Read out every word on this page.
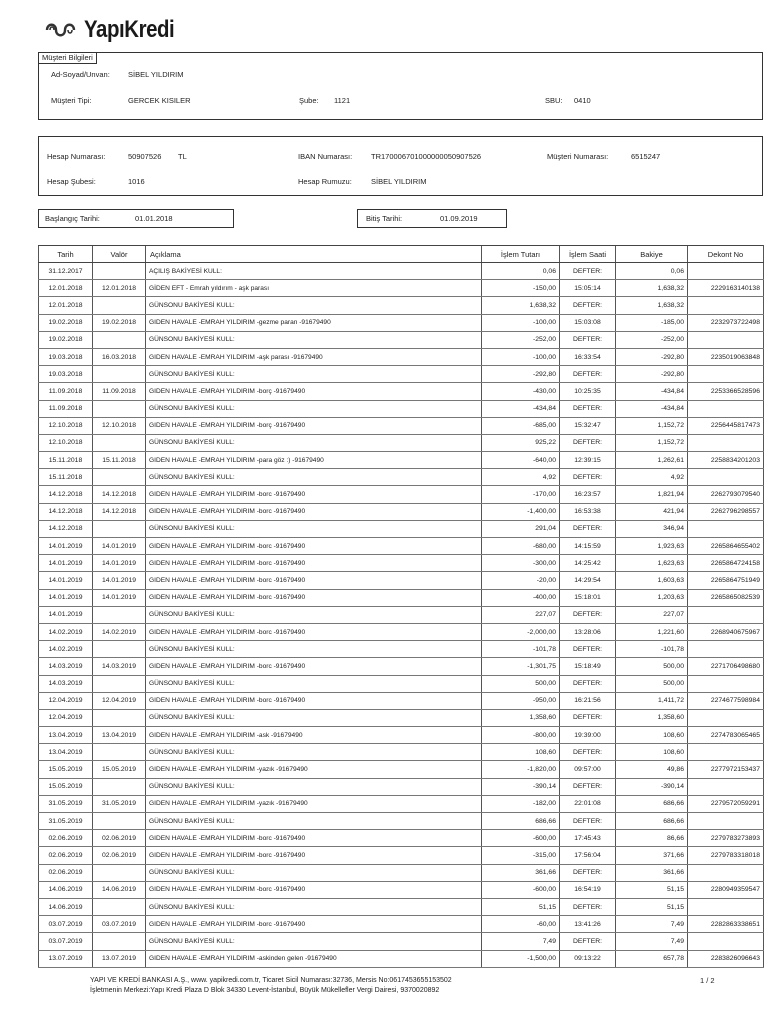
YapıKredi
Müşteri Bilgileri
Ad-Soyad/Unvan: SİBEL YILDIRIM
Müşteri Tipi:	GERCEK KISILER	Şube: 1121	SBU: 0410
Hesap Numarası:	50907526 TL	IBAN Numarası:	TR170006701000000050907526	Müşteri Numarası:	6515247
Hesap Şubesi:	1016	Hesap Rumuzu:	SİBEL YILDIRIM
Başlangıç Tarihi:	01.01.2018	Bitiş Tarihi:	01.09.2019
Tarih	Valör	Açıklama	İşlem Tutarı	İşlem Saati	Bakiye	Dekont No
31.12.2017		AÇILIŞ BAKİYESİ KULL:	0,06	DEFTER:	0,06	
12.01.2018	12.01.2018	GİDEN EFT - Emrah yıldırım - aşk parası	-150,00	15:05:14	1,638,32	2229163140138
12.01.2018		GÜNSONU BAKİYESİ KULL:	1,638,32	DEFTER:	1,638,32	
19.02.2018	19.02.2018	GIDEN HAVALE -EMRAH YILDIRIM -gezme paran -91679490	-100,00	15:03:08	-185,00	2232973722498
19.02.2018		GÜNSONU BAKİYESİ KULL:	-252,00	DEFTER:	-252,00	
19.03.2018	16.03.2018	GIDEN HAVALE -EMRAH YILDIRIM -aşk parası -91679490	-100,00	16:33:54	-292,80	2235019063848
19.03.2018		GÜNSONU BAKİYESİ KULL:	-292,80	DEFTER:	-292,80	
11.09.2018	11.09.2018	GIDEN HAVALE -EMRAH YILDIRIM -borç -91679490	-430,00	10:25:35	-434,84	2253366528596
11.09.2018		GÜNSONU BAKİYESİ KULL:	-434,84	DEFTER:	-434,84	
12.10.2018	12.10.2018	GIDEN HAVALE -EMRAH YILDIRIM -borç -91679490	-685,00	15:32:47	1,152,72	2256445817473
12.10.2018		GÜNSONU BAKİYESİ KULL:	925,22	DEFTER:	1,152,72	
15.11.2018	15.11.2018	GIDEN HAVALE -EMRAH YILDIRIM -para göz :) -91679490	-640,00	12:39:15	1,262,61	2258834201203
15.11.2018		GÜNSONU BAKİYESİ KULL:	4,92	DEFTER:	4,92	
14.12.2018	14.12.2018	GIDEN HAVALE -EMRAH YILDIRIM -borc -91679490	-170,00	16:23:57	1,821,94	2262793079540
14.12.2018	14.12.2018	GIDEN HAVALE -EMRAH YILDIRIM -borc -91679490	-1,400,00	16:53:38	421,94	2262796298557
14.12.2018		GÜNSONU BAKİYESİ KULL:	291,04	DEFTER:	346,94	
14.01.2019	14.01.2019	GIDEN HAVALE -EMRAH YILDIRIM -borc -91679490	-680,00	14:15:59	1,923,63	2265864655402
14.01.2019	14.01.2019	GIDEN HAVALE -EMRAH YILDIRIM -borc -91679490	-300,00	14:25:42	1,623,63	2265864724158
14.01.2019	14.01.2019	GIDEN HAVALE -EMRAH YILDIRIM -borc -91679490	-20,00	14:29:54	1,603,63	2265864751949
14.01.2019	14.01.2019	GIDEN HAVALE -EMRAH YILDIRIM -borc -91679490	-400,00	15:18:01	1,203,63	2265865082539
14.01.2019		GÜNSONU BAKİYESİ KULL:	227,07	DEFTER:	227,07	
14.02.2019	14.02.2019	GIDEN HAVALE -EMRAH YILDIRIM -borc -91679490	-2,000,00	13:28:06	1,221,60	2268940675967
14.02.2019		GÜNSONU BAKİYESİ KULL:	-101,78	DEFTER:	-101,78	
14.03.2019	14.03.2019	GIDEN HAVALE -EMRAH YILDIRIM -borc -91679490	-1,301,75	15:18:49	500,00	2271706498680
14.03.2019		GÜNSONU BAKİYESİ KULL:	500,00	DEFTER:	500,00	
12.04.2019	12.04.2019	GIDEN HAVALE -EMRAH YILDIRIM -borc -91679490	-950,00	16:21:56	1,411,72	2274677598984
12.04.2019		GÜNSONU BAKİYESİ KULL:	1,358,60	DEFTER:	1,358,60	
13.04.2019	13.04.2019	GIDEN HAVALE -EMRAH YILDIRIM -ask -91679490	-800,00	19:39:00	108,60	2274783065465
13.04.2019		GÜNSONU BAKİYESİ KULL:	108,60	DEFTER:	108,60	
15.05.2019	15.05.2019	GIDEN HAVALE -EMRAH YILDIRIM -yazık -91679490	-1,820,00	09:57:00	49,86	2277972153437
15.05.2019		GÜNSONU BAKİYESİ KULL:	-390,14	DEFTER:	-390,14	
31.05.2019	31.05.2019	GIDEN HAVALE -EMRAH YILDIRIM -yazık -91679490	-182,00	22:01:08	686,66	2279572059291
31.05.2019		GÜNSONU BAKİYESİ KULL:	686,66	DEFTER:	686,66	
02.06.2019	02.06.2019	GIDEN HAVALE -EMRAH YILDIRIM -borc -91679490	-600,00	17:45:43	86,66	2279783273893
02.06.2019	02.06.2019	GIDEN HAVALE -EMRAH YILDIRIM -borc -91679490	-315,00	17:56:04	371,66	2279783318018
02.06.2019		GÜNSONU BAKİYESİ KULL:	361,66	DEFTER:	361,66	
14.06.2019	14.06.2019	GIDEN HAVALE -EMRAH YILDIRIM -borc -91679490	-600,00	16:54:19	51,15	2280949359547
14.06.2019		GÜNSONU BAKİYESİ KULL:	51,15	DEFTER:	51,15	
03.07.2019	03.07.2019	GIDEN HAVALE -EMRAH YILDIRIM -borc -91679490	-60,00	13:41:26	7,49	2282863338651
03.07.2019		GÜNSONU BAKİYESİ KULL:	7,49	DEFTER:	7,49	
13.07.2019	13.07.2019	GIDEN HAVALE -EMRAH YILDIRIM -askinden gelen -91679490	-1,500,00	09:13:22	657,78	2283826096643
YAPI VE KREDİ BANKASI A.Ş., www. yapikredi.com.tr, Ticaret Sicil Numarası:32736, Mersis No:0617453655153502
İşletmenin Merkezi:Yapı Kredi Plaza D Blok 34330 Levent-İstanbul, Büyük Mükellefler Vergi Dairesi, 9370020892
1 / 2
